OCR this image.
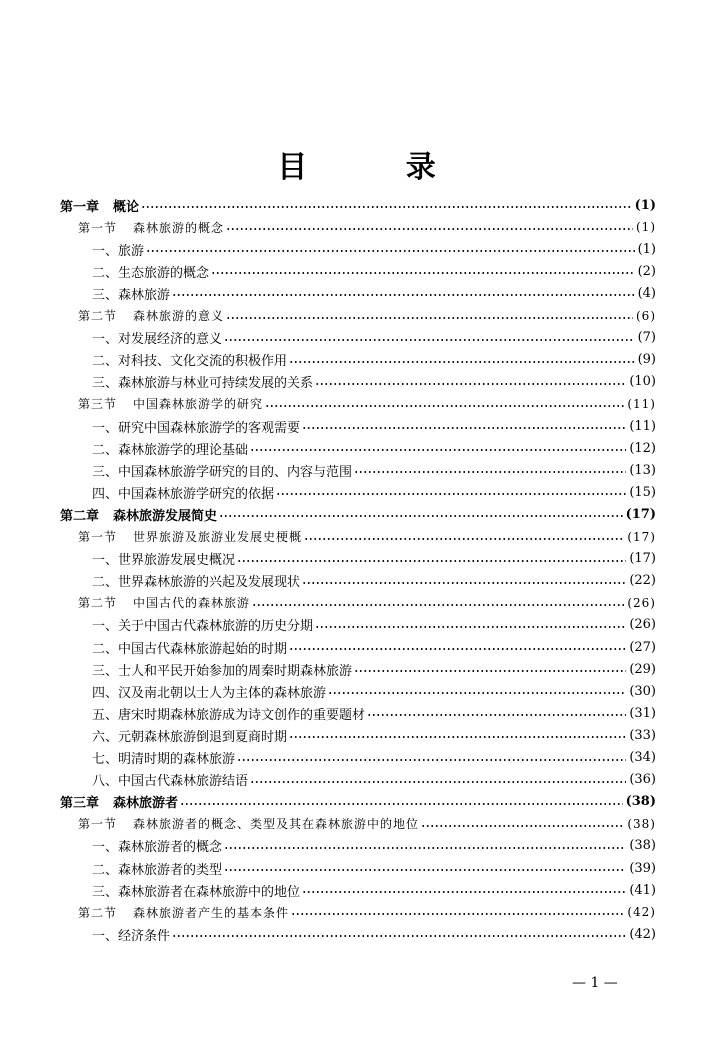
目 录
第一章 概论	(1)
第一节 森林旅游的概念	(1)
一、旅游	(1)
二、生态旅游的概念	(2)
三、森林旅游	(4)
第二节 森林旅游的意义	(6)
一、对发展经济的意义	(7)
二、对科技、文化交流的积极作用	(9)
三、森林旅游与林业可持续发展的关系	(10)
第三节 中国森林旅游学的研究	(11)
一、研究中国森林旅游学的客观需要	(11)
二、森林旅游学的理论基础	(12)
三、中国森林旅游学研究的目的、内容与范围	(13)
四、中国森林旅游学研究的依据	(15)
第二章 森林旅游发展简史	(17)
第一节 世界旅游及旅游业发展史梗概	(17)
一、世界旅游发展史概况	(17)
二、世界森林旅游的兴起及发展现状	(22)
第二节 中国古代的森林旅游	(26)
一、关于中国古代森林旅游的历史分期	(26)
二、中国古代森林旅游起始的时期	(27)
三、士人和平民开始参加的周秦时期森林旅游	(29)
四、汉及南北朝以士人为主体的森林旅游	(30)
五、唐宋时期森林旅游成为诗文创作的重要题材	(31)
六、元朝森林旅游倒退到夏商时期	(33)
七、明清时期的森林旅游	(34)
八、中国古代森林旅游结语	(36)
第三章 森林旅游者	(38)
第一节 森林旅游者的概念、类型及其在森林旅游中的地位	(38)
一、森林旅游者的概念	(38)
二、森林旅游者的类型	(39)
三、森林旅游者在森林旅游中的地位	(41)
第二节 森林旅游者产生的基本条件	(42)
一、经济条件	(42)
— 1 —
